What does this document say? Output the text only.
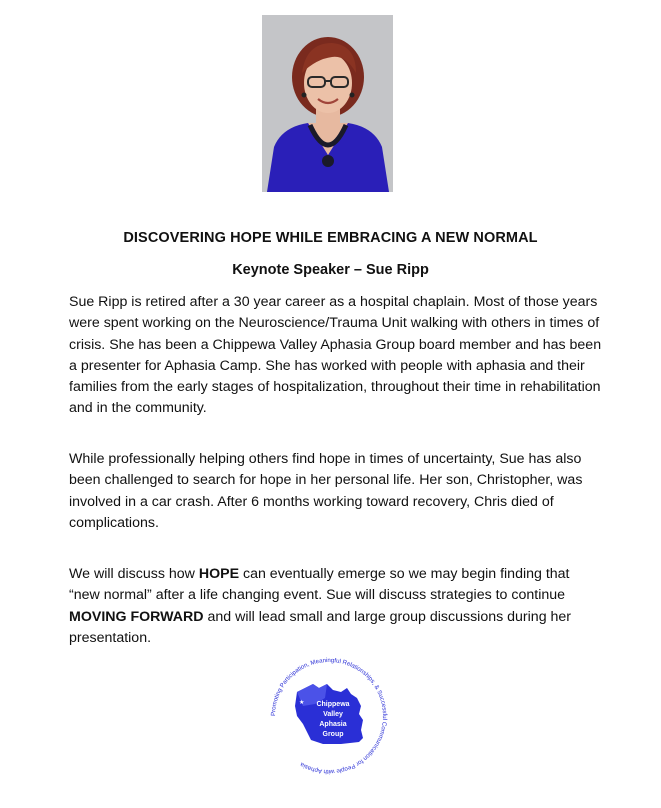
DISCOVERING HOPE WHILE EMBRACING A NEW NORMAL
Keynote Speaker – Sue Ripp

Sue Ripp is retired after a 30 year career as a hospital chaplain. Most of those years were spent working on the Neuroscience/Trauma Unit walking with others in times of crisis. She has been a Chippewa Valley Aphasia Group board member and has been a presenter for Aphasia Camp. She has worked with people with aphasia and their families from the early stages of hospitalization, throughout their time in rehabilitation and in the community.

While professionally helping others find hope in times of uncertainty, Sue has also been challenged to search for hope in her personal life. Her son, Christopher, was involved in a car crash. After 6 months working toward recovery, Chris died of complications.

We will discuss how HOPE can eventually emerge so we may begin finding that “new normal” after a life changing event. Sue will discuss strategies to continue MOVING FORWARD and will lead small and large group discussions during her presentation.

Promoting Participation, Meaningful Relationships, & Successful Communication for People with Aphasia
★ Chippewa
Valley
Aphasia
Group
